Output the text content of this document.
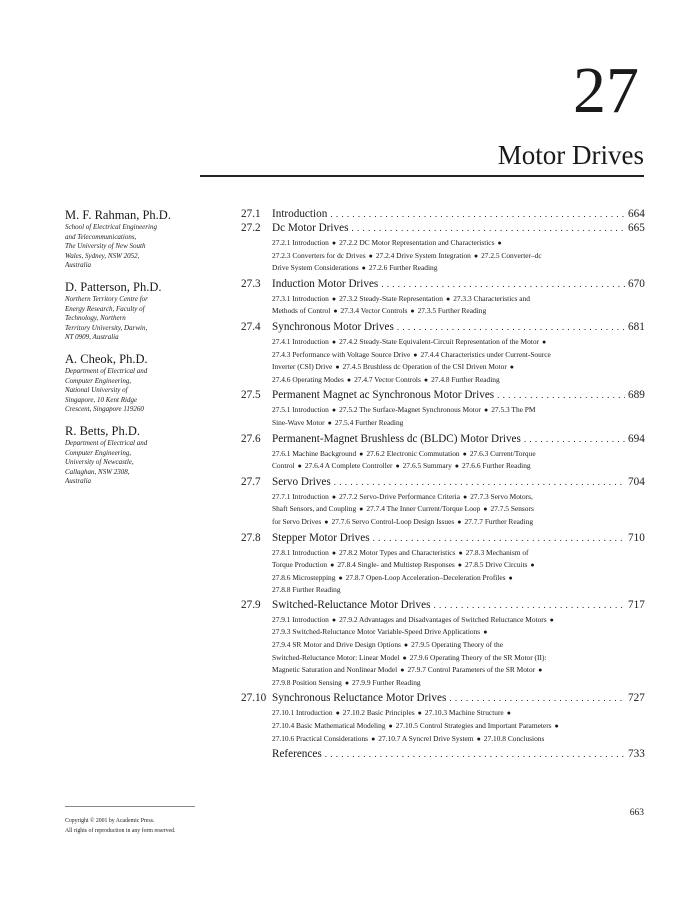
27
Motor Drives
M. F. Rahman, Ph.D.
School of Electrical Engineering
and Telecommunications,
The University of New South
Wales, Sydney, NSW 2052,
Australia
D. Patterson, Ph.D.
Northern Territory Centre for
Energy Research, Faculty of
Technology, Northern
Territory University, Darwin,
NT 0909, Australia
A. Cheok, Ph.D.
Department of Electrical and
Computer Engineering,
National University of
Singapore, 10 Kent Ridge
Crescent, Singapore 119260
R. Betts, Ph.D.
Department of Electrical and
Computer Engineering,
University of Newcastle,
Callaghan, NSW 2308,
Australia
27.1	Introduction . . .	664
27.2	Dc Motor Drives . . .	665
27.2.1 Introduction ● 27.2.2 DC Motor Representation and Characteristics ●
27.2.3 Converters for dc Drives ● 27.2.4 Drive System Integration ● 27.2.5 Converter–dc
Drive System Considerations ● 27.2.6 Further Reading
27.3	Induction Motor Drives . . .	670
27.3.1 Introduction ● 27.3.2 Steady-State Representation ● 27.3.3 Characteristics and
Methods of Control ● 27.3.4 Vector Controls ● 27.3.5 Further Reading
27.4	Synchronous Motor Drives . . .	681
27.4.1 Introduction ● 27.4.2 Steady-State Equivalent-Circuit Representation of the Motor ●
27.4.3 Performance with Voltage Source Drive ● 27.4.4 Characteristics under Current-Source
Inverter (CSI) Drive ● 27.4.5 Brushless dc Operation of the CSI Driven Motor ●
27.4.6 Operating Modes ● 27.4.7 Vector Controls ● 27.4.8 Further Reading
27.5	Permanent Magnet ac Synchronous Motor Drives . . .	689
27.5.1 Introduction ● 27.5.2 The Surface-Magnet Synchronous Motor ● 27.5.3 The PM
Sine-Wave Motor ● 27.5.4 Further Reading
27.6	Permanent-Magnet Brushless dc (BLDC) Motor Drives . . .	694
27.6.1 Machine Background ● 27.6.2 Electronic Commutation ● 27.6.3 Current/Torque
Control ● 27.6.4 A Complete Controller ● 27.6.5 Summary ● 27.6.6 Further Reading
27.7	Servo Drives . . .	704
27.7.1 Introduction ● 27.7.2 Servo-Drive Performance Criteria ● 27.7.3 Servo Motors,
Shaft Sensors, and Coupling ● 27.7.4 The Inner Current/Torque Loop ● 27.7.5 Sensors
for Servo Drives ● 27.7.6 Servo Control-Loop Design Issues ● 27.7.7 Further Reading
27.8	Stepper Motor Drives . . .	710
27.8.1 Introduction ● 27.8.2 Motor Types and Characteristics ● 27.8.3 Mechanism of
Torque Production ● 27.8.4 Single- and Multistep Responses ● 27.8.5 Drive Circuits ●
27.8.6 Microstepping ● 27.8.7 Open-Loop Acceleration–Deceleration Profiles ●
27.8.8 Further Reading
27.9	Switched-Reluctance Motor Drives . . .	717
27.9.1 Introduction ● 27.9.2 Advantages and Disadvantages of Switched Reluctance Motors ●
27.9.3 Switched-Reluctance Motor Variable-Speed Drive Applications ●
27.9.4 SR Motor and Drive Design Options ● 27.9.5 Operating Theory of the
Switched-Reluctance Motor: Linear Model ● 27.9.6 Operating Theory of the SR Motor (II):
Magnetic Saturation and Nonlinear Model ● 27.9.7 Control Parameters of the SR Motor ●
27.9.8 Position Sensing ● 27.9.9 Further Reading
27.10 Synchronous Reluctance Motor Drives . . .	727
27.10.1 Introduction ● 27.10.2 Basic Principles ● 27.10.3 Machine Structure ●
27.10.4 Basic Mathematical Modeling ● 27.10.5 Control Strategies and Important Parameters ●
27.10.6 Practical Considerations ● 27.10.7 A Syncrel Drive System ● 27.10.8 Conclusions
References . . .	733
Copyright © 2001 by Academic Press.
All rights of reproduction in any form reserved.
663
